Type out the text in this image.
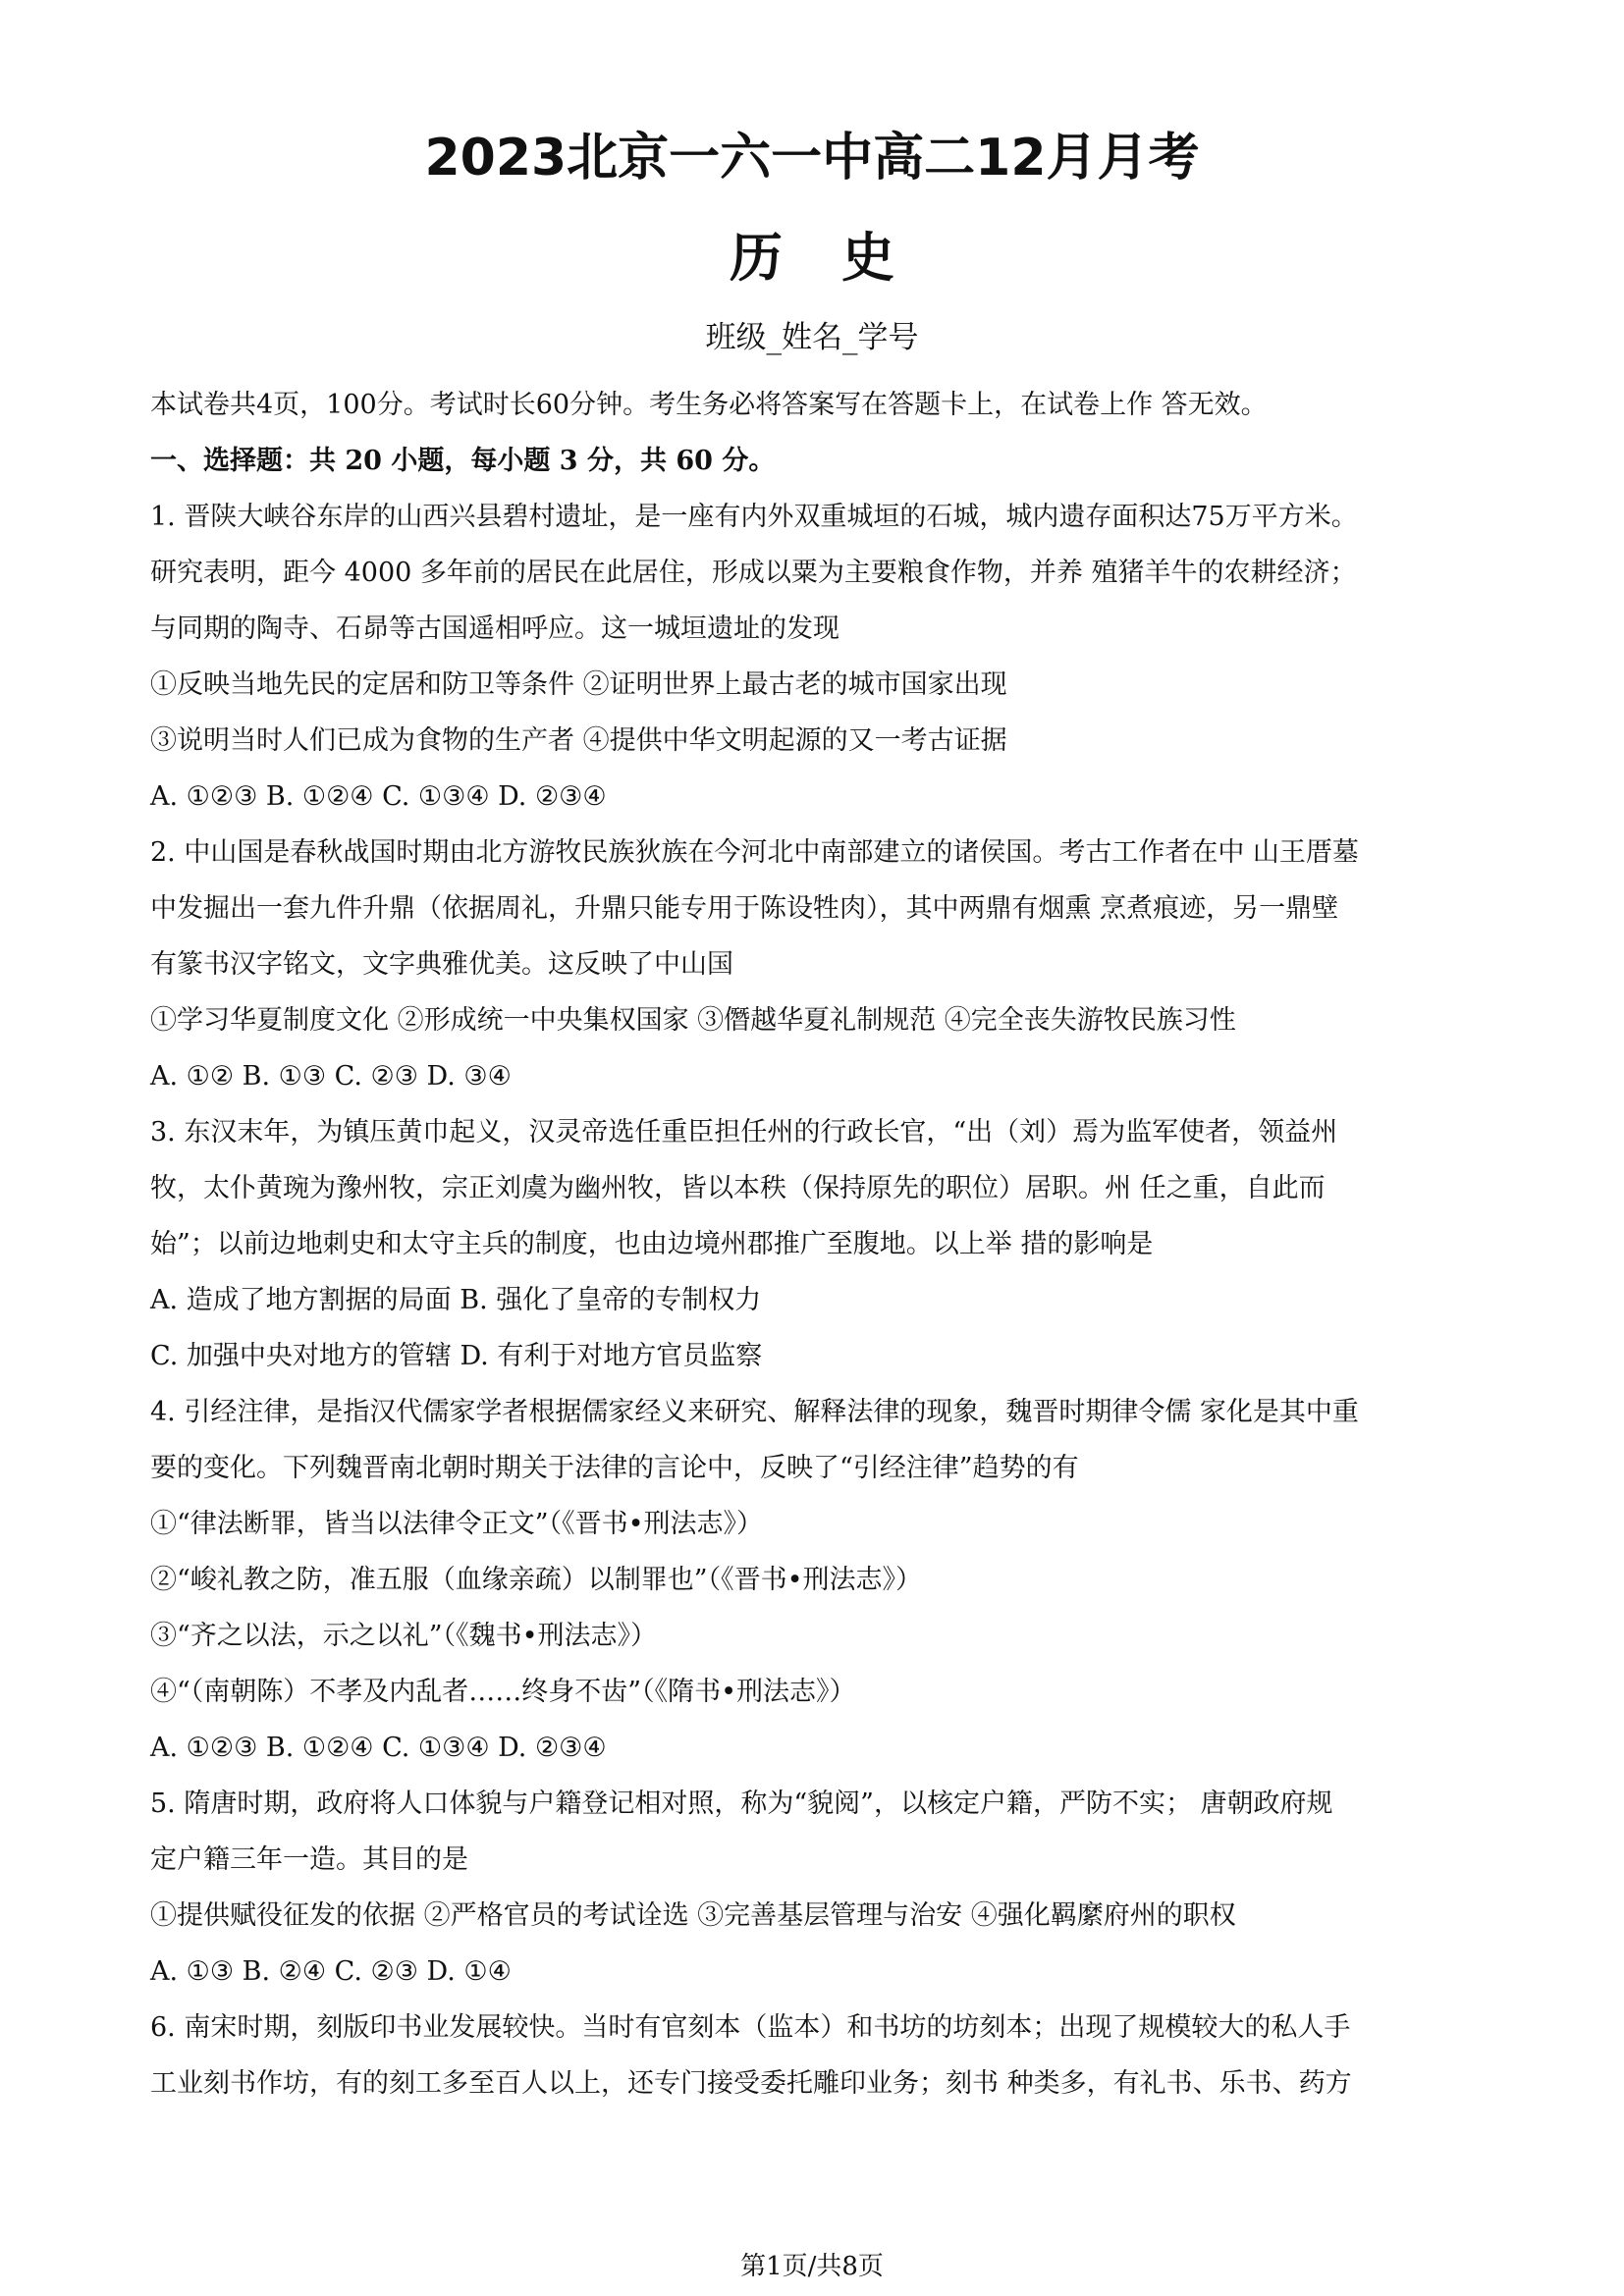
2023北京一六一中高二12月月考
历史
班级_姓名_学号
本试卷共4页，100分。考试时长60分钟。考生务必将答案写在答题卡上，在试卷上作 答无效。
一、选择题：共 20 小题，每小题 3 分，共 60 分。
1. 晋陕大峡谷东岸的山西兴县碧村遗址，是一座有内外双重城垣的石城，城内遗存面积达75万平方米。
研究表明，距今 4000 多年前的居民在此居住，形成以粟为主要粮食作物，并养 殖猪羊牛的农耕经济；
与同期的陶寺、石昴等古国遥相呼应。这一城垣遗址的发现
①反映当地先民的定居和防卫等条件 ②证明世界上最古老的城市国家出现
③说明当时人们已成为食物的生产者 ④提供中华文明起源的又一考古证据
A. ①②③ B. ①②④ C. ①③④ D. ②③④
2. 中山国是春秋战国时期由北方游牧民族狄族在今河北中南部建立的诸侯国。考古工作者在中 山王厝墓
中发掘出一套九件升鼎（依据周礼，升鼎只能专用于陈设牲肉），其中两鼎有烟熏 烹煮痕迹，另一鼎壁
有篆书汉字铭文，文字典雅优美。这反映了中山国
①学习华夏制度文化 ②形成统一中央集权国家 ③僭越华夏礼制规范 ④完全丧失游牧民族习性
A. ①② B. ①③ C. ②③ D. ③④
3. 东汉末年，为镇压黄巾起义，汉灵帝选任重臣担任州的行政长官，“出（刘）焉为监军使者，领益州
牧，太仆黄琬为豫州牧，宗正刘虞为幽州牧，皆以本秩（保持原先的职位）居职。州 任之重，自此而
始”；以前边地刺史和太守主兵的制度，也由边境州郡推广至腹地。以上举 措的影响是
A. 造成了地方割据的局面 B. 强化了皇帝的专制权力
C. 加强中央对地方的管辖 D. 有利于对地方官员监察
4. 引经注律，是指汉代儒家学者根据儒家经义来研究、解释法律的现象，魏晋时期律令儒 家化是其中重
要的变化。下列魏晋南北朝时期关于法律的言论中，反映了“引经注律”趋势的有
①“律法断罪，皆当以法律令正文”（《晋书•刑法志》）
②“峻礼教之防，准五服（血缘亲疏）以制罪也”（《晋书•刑法志》）
③“齐之以法，示之以礼”（《魏书•刑法志》）
④“（南朝陈）不孝及内乱者……终身不齿”（《隋书•刑法志》）
A. ①②③ B. ①②④ C. ①③④ D. ②③④
5. 隋唐时期，政府将人口体貌与户籍登记相对照，称为“貌阅”，以核定户籍，严防不实； 唐朝政府规
定户籍三年一造。其目的是
①提供赋役征发的依据 ②严格官员的考试诠选 ③完善基层管理与治安 ④强化羁縻府州的职权
A. ①③ B. ②④ C. ②③ D. ①④
6. 南宋时期，刻版印书业发展较快。当时有官刻本（监本）和书坊的坊刻本；出现了规模较大的私人手
工业刻书作坊，有的刻工多至百人以上，还专门接受委托雕印业务；刻书 种类多，有礼书、乐书、药方
第1页/共8页
